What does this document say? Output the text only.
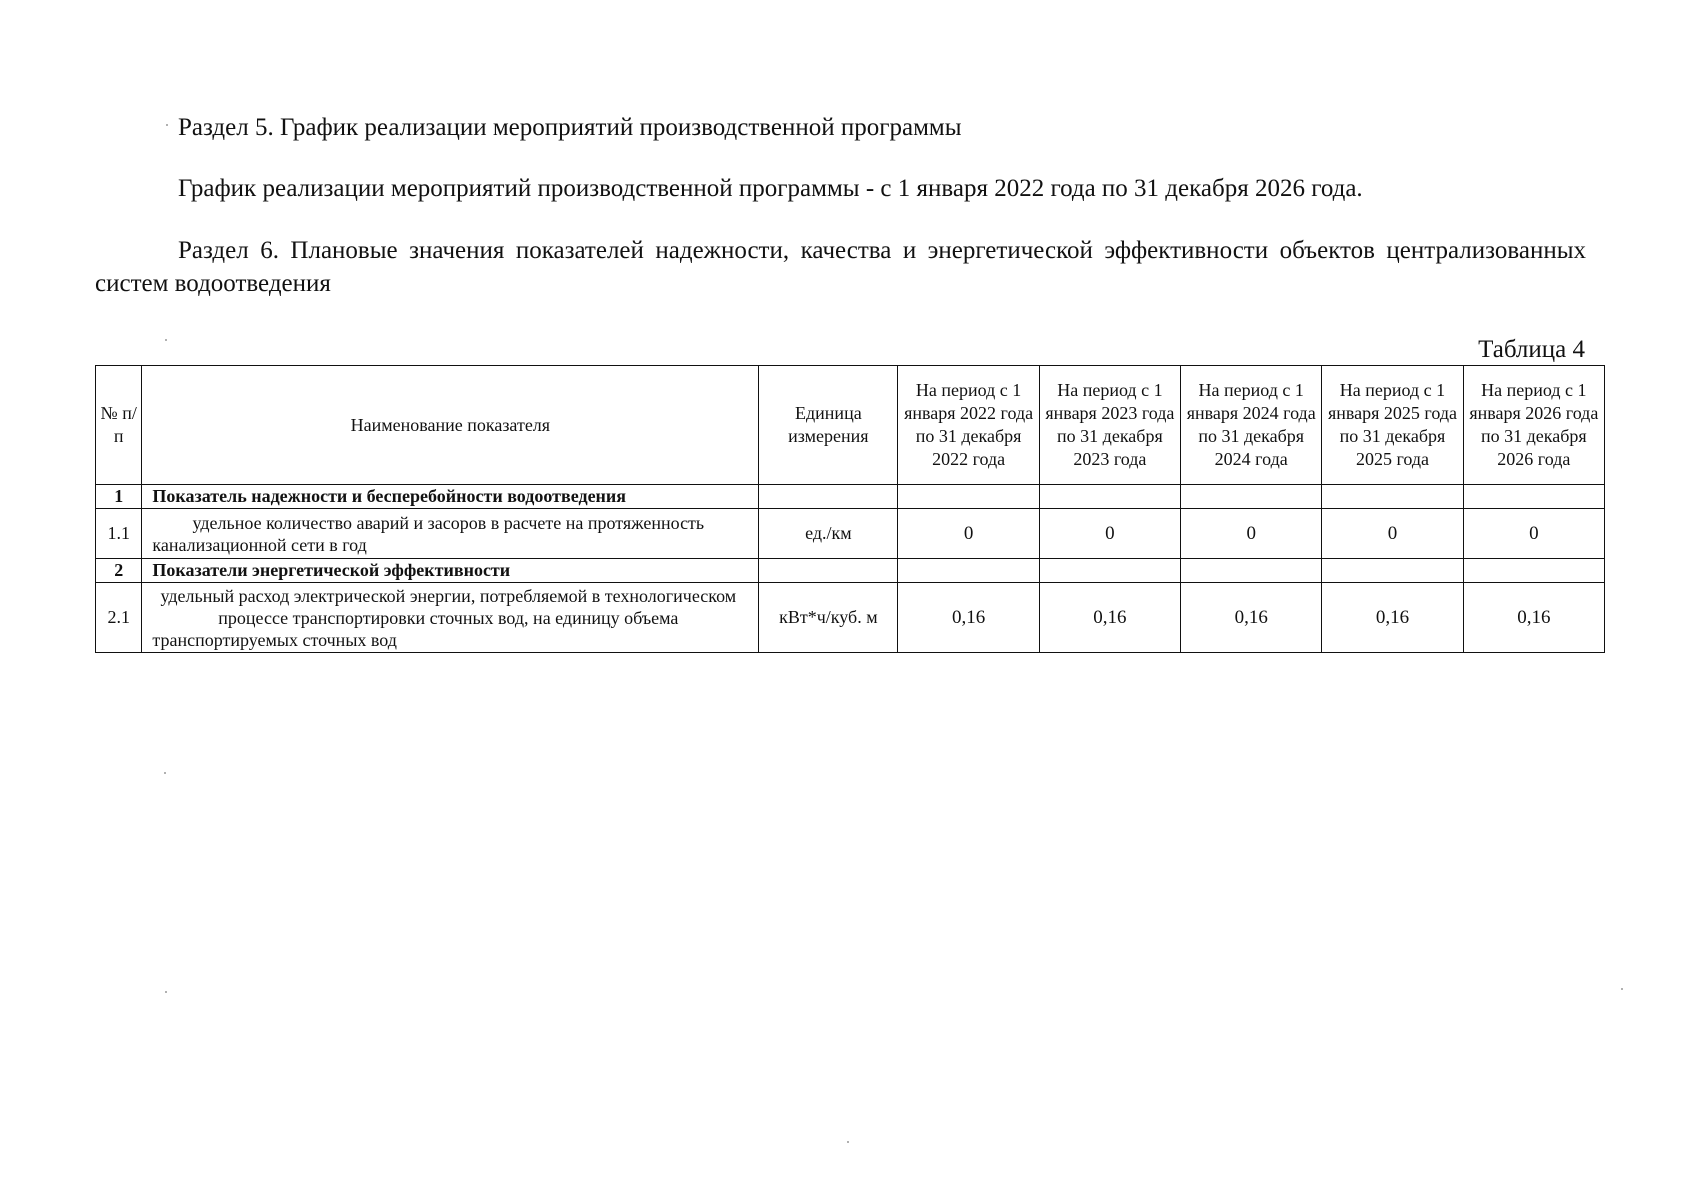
Раздел 5. График реализации мероприятий производственной программы
График реализации мероприятий производственной программы - с 1 января 2022 года по 31 декабря 2026 года.
Раздел 6. Плановые значения показателей надежности, качества и энергетической эффективности объектов централизованных систем водоотведения
Таблица 4
№ п/п	Наименование показателя	Единица измерения	На период с 1 января 2022 года по 31 декабря 2022 года	На период с 1 января 2023 года по 31 декабря 2023 года	На период с 1 января 2024 года по 31 декабря 2024 года	На период с 1 января 2025 года по 31 декабря 2025 года	На период с 1 января 2026 года по 31 декабря 2026 года
1	Показатель надежности и бесперебойности водоотведения						
1.1	удельное количество аварий и засоров в расчете на протяженность канализационной сети в год	ед./км	0	0	0	0	0
2	Показатели энергетической эффективности						
2.1	удельный расход электрической энергии, потребляемой в технологическом процессе транспортировки сточных вод, на единицу объема транспортируемых сточных вод	кВт*ч/куб. м	0,16	0,16	0,16	0,16	0,16
